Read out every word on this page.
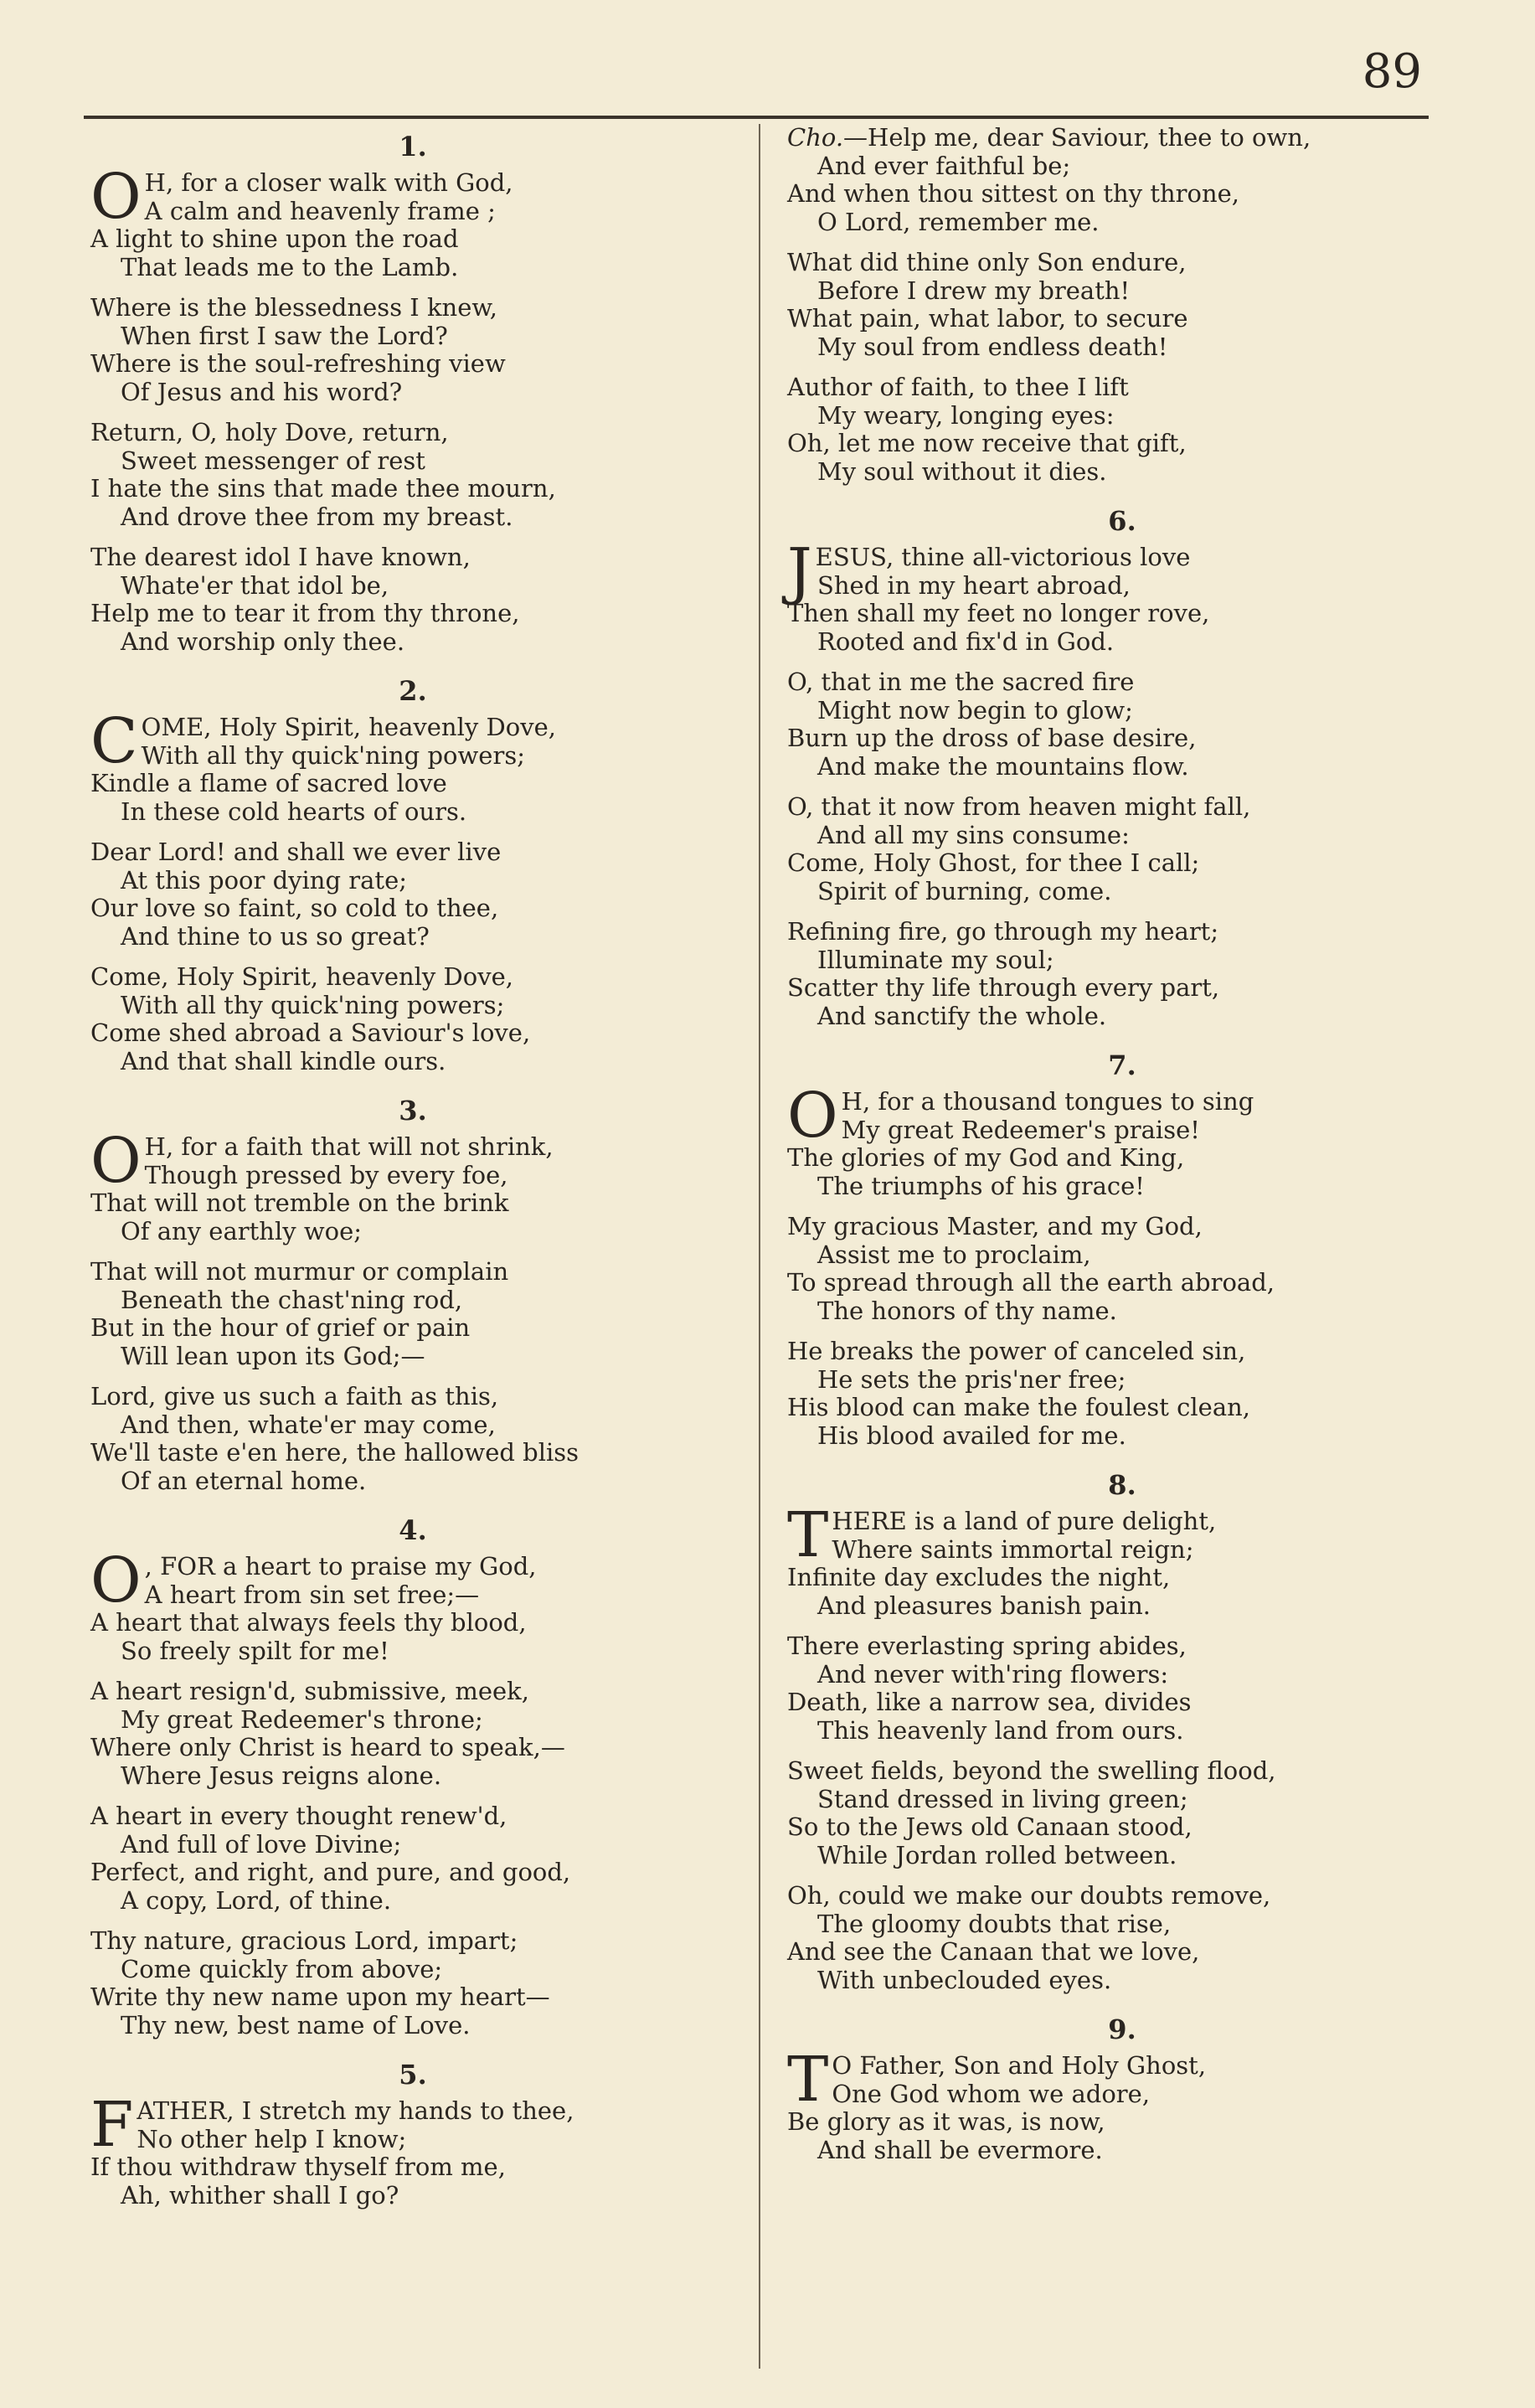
89
1.
O H, for a closer walk with God,
A calm and heavenly frame ;
A light to shine upon the road
That leads me to the Lamb.
Where is the blessedness I knew,
When first I saw the Lord?
Where is the soul-refreshing view
Of Jesus and his word?
Return, O, holy Dove, return,
Sweet messenger of rest
I hate the sins that made thee mourn,
And drove thee from my breast.
The dearest idol I have known,
Whate'er that idol be,
Help me to tear it from thy throne,
And worship only thee.
2.
COME, Holy Spirit, heavenly Dove,
With all thy quick'ning powers;
Kindle a flame of sacred love
In these cold hearts of ours.
Dear Lord! and shall we ever live
At this poor dying rate;
Our love so faint, so cold to thee,
And thine to us so great?
Come, Holy Spirit, heavenly Dove,
With all thy quick'ning powers;
Come shed abroad a Saviour's love,
And that shall kindle ours.
3.
O H, for a faith that will not shrink,
Though pressed by every foe,
That will not tremble on the brink
Of any earthly woe;
That will not murmur or complain
Beneath the chast'ning rod,
But in the hour of grief or pain
Will lean upon its God;—
Lord, give us such a faith as this,
And then, whate'er may come,
We'll taste e'en here, the hallowed bliss
Of an eternal home.
4.
O , FOR a heart to praise my God,
A heart from sin set free;—
A heart that always feels thy blood,
So freely spilt for me!
A heart resign'd, submissive, meek,
My great Redeemer's throne;
Where only Christ is heard to speak,—
Where Jesus reigns alone.
A heart in every thought renew'd,
And full of love Divine;
Perfect, and right, and pure, and good,
A copy, Lord, of thine.
Thy nature, gracious Lord, impart;
Come quickly from above;
Write thy new name upon my heart—
Thy new, best name of Love.
5.
FATHER, I stretch my hands to thee,
No other help I know;
If thou withdraw thyself from me,
Ah, whither shall I go?
Cho.—Help me, dear Saviour, thee to own,
And ever faithful be;
And when thou sittest on thy throne,
O Lord, remember me.
What did thine only Son endure,
Before I drew my breath!
What pain, what labor, to secure
My soul from endless death!
Author of faith, to thee I lift
My weary, longing eyes:
Oh, let me now receive that gift,
My soul without it dies.
6.
JESUS, thine all-victorious love
Shed in my heart abroad,
Then shall my feet no longer rove,
Rooted and fix'd in God.
O, that in me the sacred fire
Might now begin to glow;
Burn up the dross of base desire,
And make the mountains flow.
O, that it now from heaven might fall,
And all my sins consume:
Come, Holy Ghost, for thee I call;
Spirit of burning, come.
Refining fire, go through my heart;
Illuminate my soul;
Scatter thy life through every part,
And sanctify the whole.
7.
O H, for a thousand tongues to sing
My great Redeemer's praise!
The glories of my God and King,
The triumphs of his grace!
My gracious Master, and my God,
Assist me to proclaim,
To spread through all the earth abroad,
The honors of thy name.
He breaks the power of canceled sin,
He sets the pris'ner free;
His blood can make the foulest clean,
His blood availed for me.
8.
THERE is a land of pure delight,
Where saints immortal reign;
Infinite day excludes the night,
And pleasures banish pain.
There everlasting spring abides,
And never with'ring flowers:
Death, like a narrow sea, divides
This heavenly land from ours.
Sweet fields, beyond the swelling flood,
Stand dressed in living green;
So to the Jews old Canaan stood,
While Jordan rolled between.
Oh, could we make our doubts remove,
The gloomy doubts that rise,
And see the Canaan that we love,
With unbeclouded eyes.
9.
T O Father, Son and Holy Ghost,
One God whom we adore,
Be glory as it was, is now,
And shall be evermore.
